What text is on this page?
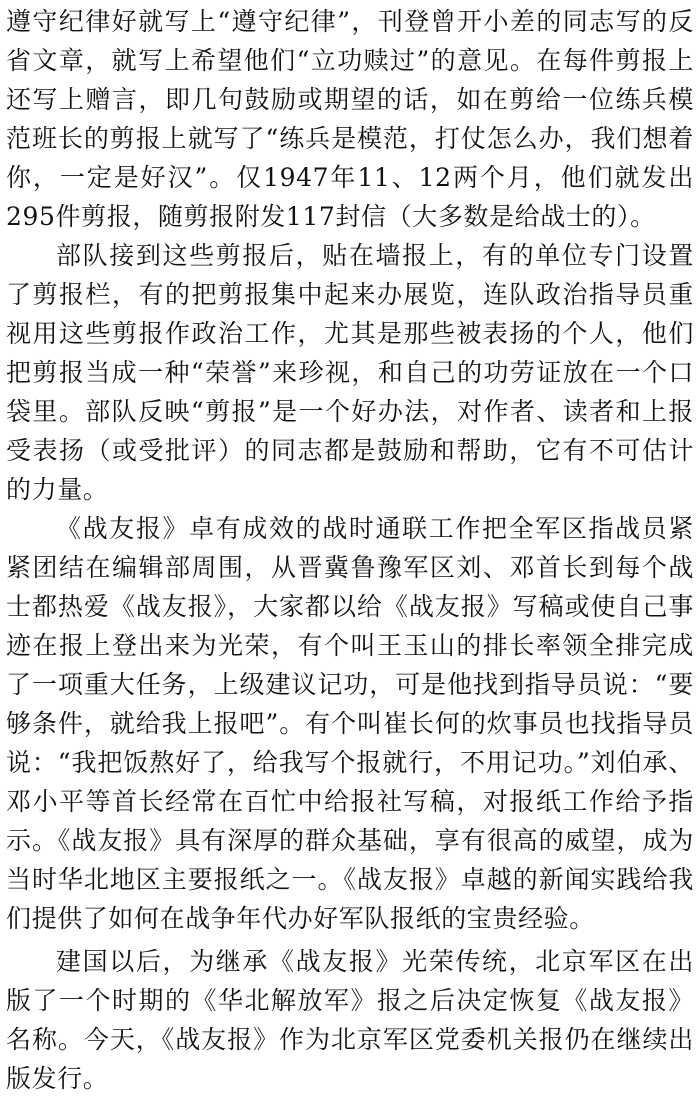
遵守纪律好就写上“遵守纪律”，刊登曾开小差的同志写的反省文章，就写上希望他们“立功赎过”的意见。在每件剪报上还写上赠言，即几句鼓励或期望的话，如在剪给一位练兵模范班长的剪报上就写了“练兵是模范，打仗怎么办，我们想着你，一定是好汉”。仅1947年11、12两个月，他们就发出295件剪报，随剪报附发117封信（大多数是给战士的）。

部队接到这些剪报后，贴在墙报上，有的单位专门设置了剪报栏，有的把剪报集中起来办展览，连队政治指导员重视用这些剪报作政治工作，尤其是那些被表扬的个人，他们把剪报当成一种“荣誉”来珍视，和自己的功劳证放在一个口袋里。部队反映“剪报”是一个好办法，对作者、读者和上报受表扬（或受批评）的同志都是鼓励和帮助，它有不可估计的力量。

《战友报》卓有成效的战时通联工作把全军区指战员紧紧团结在编辑部周围，从晋冀鲁豫军区刘、邓首长到每个战士都热爱《战友报》，大家都以给《战友报》写稿或使自己事迹在报上登出来为光荣，有个叫王玉山的排长率领全排完成了一项重大任务，上级建议记功，可是他找到指导员说：“要够条件，就给我上报吧”。有个叫崔长何的炊事员也找指导员说：“我把饭熬好了，给我写个报就行，不用记功。”刘伯承、邓小平等首长经常在百忙中给报社写稿，对报纸工作给予指示。《战友报》具有深厚的群众基础，享有很高的威望，成为当时华北地区主要报纸之一。《战友报》卓越的新闻实践给我们提供了如何在战争年代办好军队报纸的宝贵经验。

建国以后，为继承《战友报》光荣传统，北京军区在出版了一个时期的《华北解放军》报之后决定恢复《战友报》名称。今天，《战友报》作为北京军区党委机关报仍在继续出版发行。
